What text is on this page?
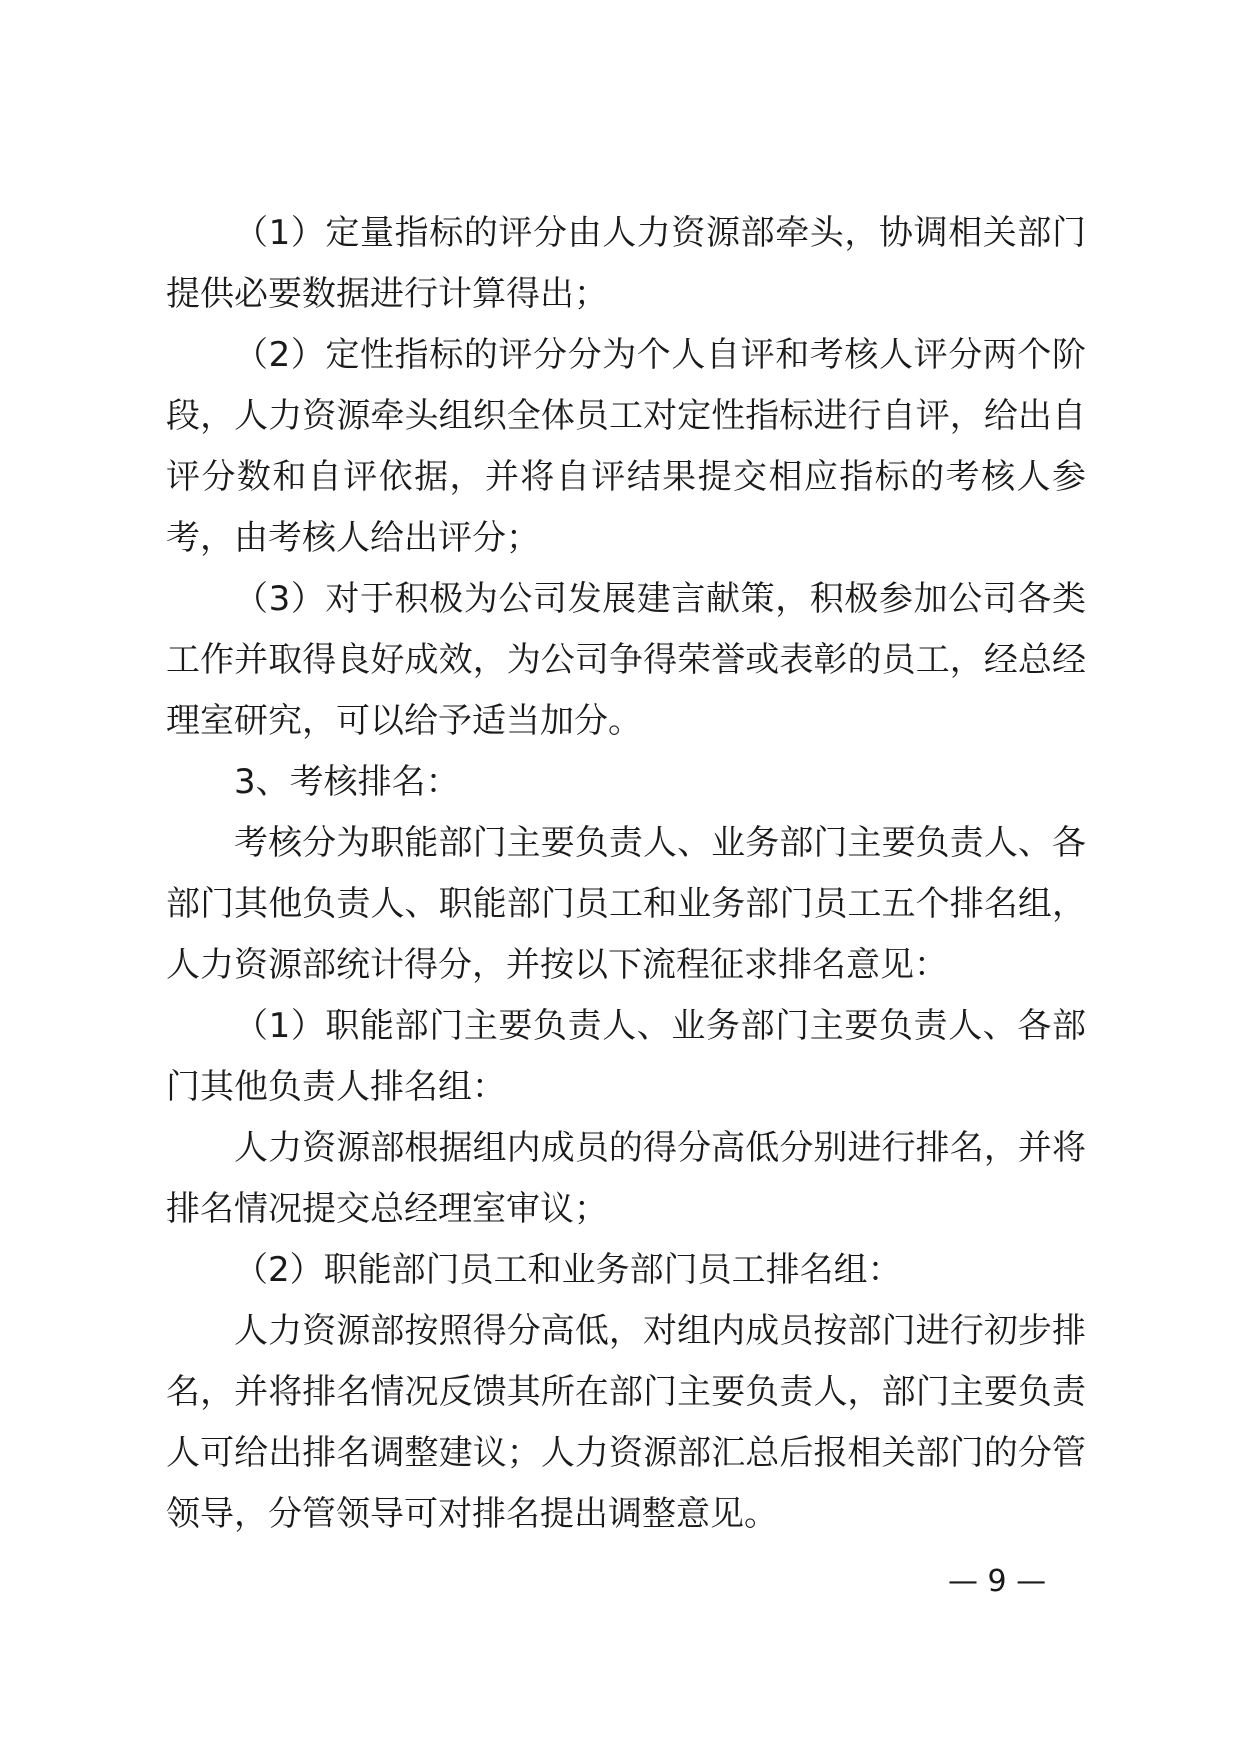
（1）定量指标的评分由人力资源部牵头，协调相关部门提供必要数据进行计算得出；

（2）定性指标的评分分为个人自评和考核人评分两个阶段，人力资源牵头组织全体员工对定性指标进行自评，给出自评分数和自评依据，并将自评结果提交相应指标的考核人参考，由考核人给出评分；

（3）对于积极为公司发展建言献策，积极参加公司各类工作并取得良好成效，为公司争得荣誉或表彰的员工，经总经理室研究，可以给予适当加分。

3、考核排名：

考核分为职能部门主要负责人、业务部门主要负责人、各部门其他负责人、职能部门员工和业务部门员工五个排名组，人力资源部统计得分，并按以下流程征求排名意见：

（1）职能部门主要负责人、业务部门主要负责人、各部门其他负责人排名组：

人力资源部根据组内成员的得分高低分别进行排名，并将排名情况提交总经理室审议；

（2）职能部门员工和业务部门员工排名组：

人力资源部按照得分高低，对组内成员按部门进行初步排名，并将排名情况反馈其所在部门主要负责人，部门主要负责人可给出排名调整建议；人力资源部汇总后报相关部门的分管领导，分管领导可对排名提出调整意见。

— 9 —
